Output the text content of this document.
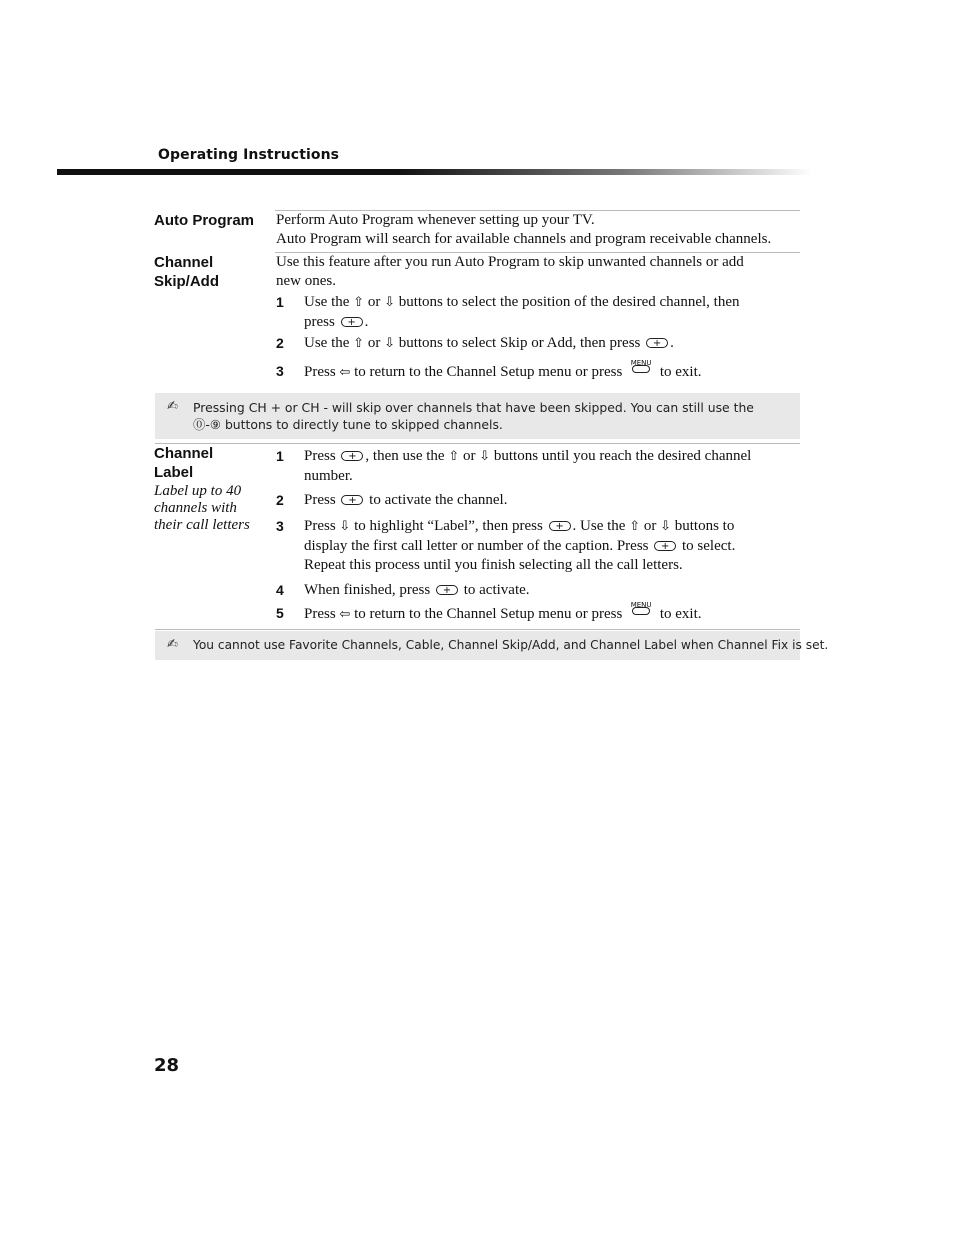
Operating Instructions
Auto Program Perform Auto Program whenever setting up your TV.
Auto Program will search for available channels and program receivable channels.
Channel
Skip/Add
Use this feature after you run Auto Program to skip unwanted channels or add
new ones.
1 Use the ⇧ or ⇩ buttons to select the position of the desired channel, then
press + .
2 Use the ⇧ or ⇩ buttons to select Skip or Add, then press + .
3 Press ⇦ to return to the Channel Setup menu or press
MENU
to exit.
✍ Pressing CH + or CH - will skip over channels that have been skipped. You can still use the
⓪-⑨ buttons to directly tune to skipped channels.
Channel
Label
Label up to 40
channels with
their call letters
1 Press + , then use the ⇧ or ⇩ buttons until you reach the desired channel
number.
2 Press + to activate the channel.
3 Press ⇩ to highlight “Label”, then press + . Use the ⇧ or ⇩ buttons to
display the first call letter or number of the caption. Press + to select.
Repeat this process until you finish selecting all the call letters.
4 When finished, press + to activate.
5 Press ⇦ to return to the Channel Setup menu or press
MENU
to exit.
✍ You cannot use Favorite Channels, Cable, Channel Skip/Add, and Channel Label when Channel Fix is set.
28
